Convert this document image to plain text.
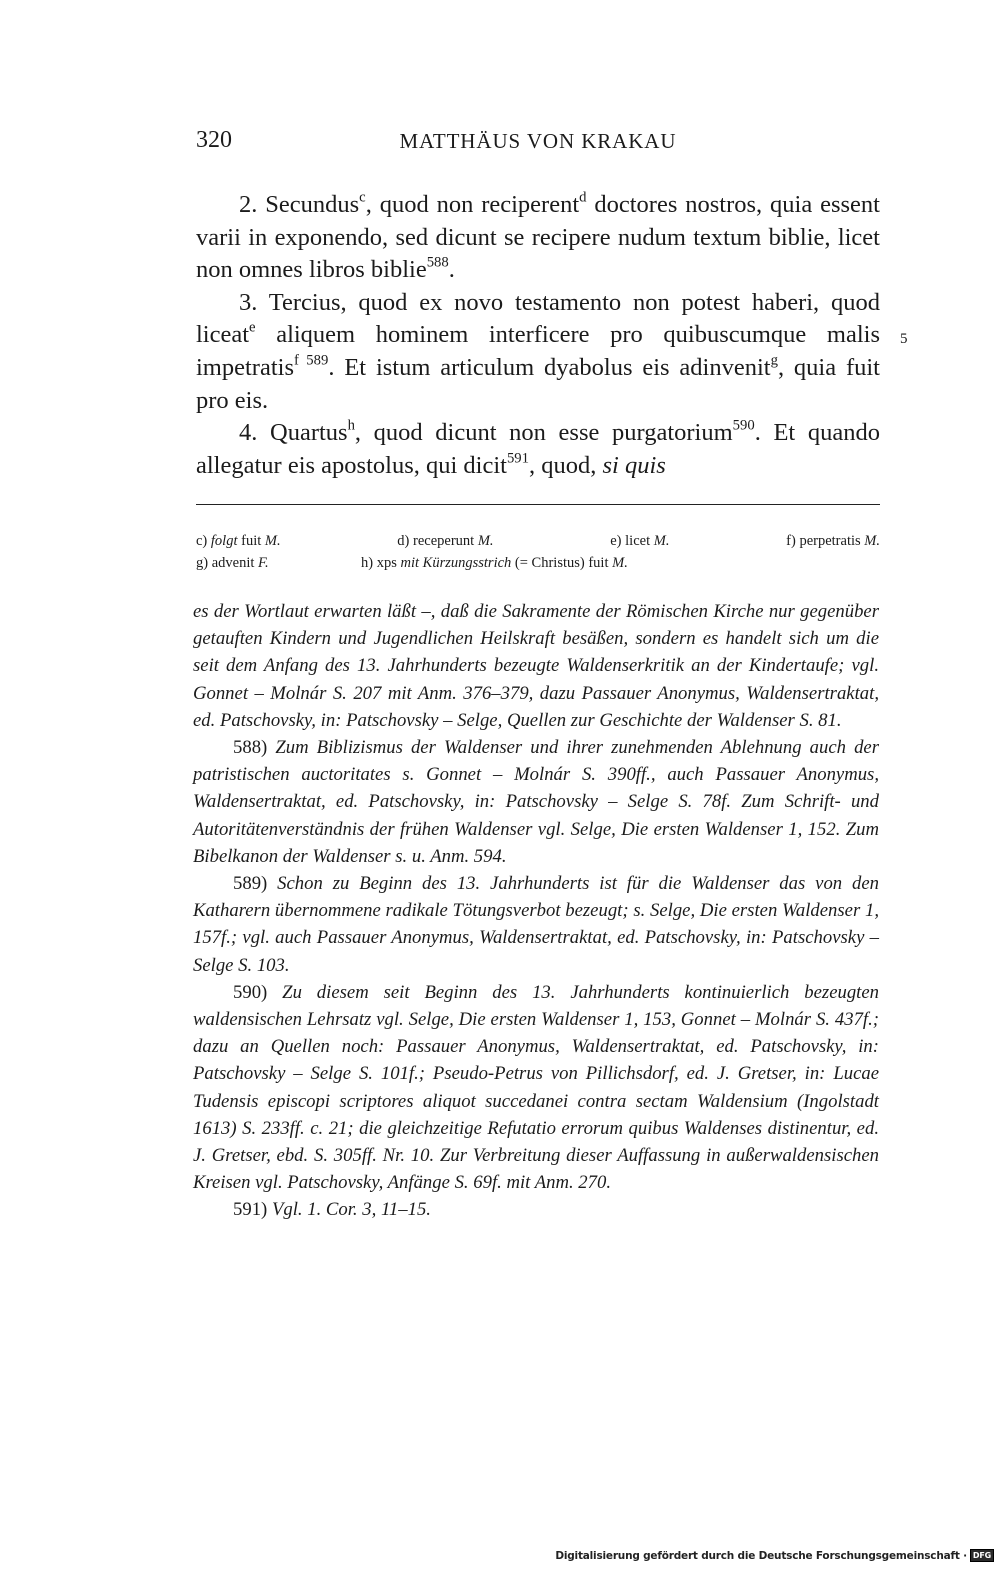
320	MATTHÄUS VON KRAKAU

2. Secundus$^c$, quod non reciperent$^d$ doctores nostros, quia essent varii in exponendo, sed dicunt se recipere nudum textum biblie, licet non omnes libros biblie$^{588}$.

3. Tercius, quod ex novo testamento non potest haberi, quod liceat$^e$ aliquem hominem interficere pro quibuscumque malis impetratis$^{f 589}$. Et istum articulum dyabolus eis adinvenit$^g$, quia fuit pro eis.

4. Quartus$^h$, quod dicunt non esse purgatorium$^{590}$. Et quando allegatur eis apostolus, qui dicit$^{591}$, quod, si quis

5
c) folgt fuit M.	d) receperunt M.	e) licet M.	f) perpetratis M.
g) advenit F.	h) xps mit Kürzungsstrich (= Christus) fuit M.

es der Wortlaut erwarten läßt –, daß die Sakramente der Römischen Kirche nur gegenüber getauften Kindern und Jugendlichen Heilskraft besäßen, sondern es handelt sich um die seit dem Anfang des 13. Jahrhunderts bezeugte Waldenserkritik an der Kindertaufe; vgl. Gonnet – Molnár S. 207 mit Anm. 376–379, dazu Passauer Anonymus, Waldensertraktat, ed. Patschovsky, in: Patschovsky – Selge, Quellen zur Geschichte der Waldenser S. 81.

588) Zum Biblizismus der Waldenser und ihrer zunehmenden Ablehnung auch der patristischen auctoritates s. Gonnet – Molnár S. 390ff., auch Passauer Anonymus, Waldensertraktat, ed. Patschovsky, in: Patschovsky – Selge S. 78f. Zum Schrift- und Autoritätenverständnis der frühen Waldenser vgl. Selge, Die ersten Waldenser 1, 152. Zum Bibelkanon der Waldenser s. u. Anm. 594.

589) Schon zu Beginn des 13. Jahrhunderts ist für die Waldenser das von den Katharern übernommene radikale Tötungsverbot bezeugt; s. Selge, Die ersten Waldenser 1, 157f.; vgl. auch Passauer Anonymus, Waldensertraktat, ed. Patschovsky, in: Patschovsky – Selge S. 103.

590) Zu diesem seit Beginn des 13. Jahrhunderts kontinuierlich bezeugten waldensischen Lehrsatz vgl. Selge, Die ersten Waldenser 1, 153, Gonnet – Molnár S. 437f.; dazu an Quellen noch: Passauer Anonymus, Waldensertraktat, ed. Patschovsky, in: Patschovsky – Selge S. 101f.; Pseudo-Petrus von Pillichsdorf, ed. J. Gretser, in: Lucae Tudensis episcopi scriptores aliquot succedanei contra sectam Waldensium (Ingolstadt 1613) S. 233ff. c. 21; die gleichzeitige Refutatio errorum quibus Waldenses distinentur, ed. J. Gretser, ebd. S. 305ff. Nr. 10. Zur Verbreitung dieser Auffassung in außerwaldensischen Kreisen vgl. Patschovsky, Anfänge S. 69f. mit Anm. 270.

591) Vgl. 1. Cor. 3, 11–15.

Digitalisierung gefördert durch die Deutsche Forschungsgemeinschaft · DFG
